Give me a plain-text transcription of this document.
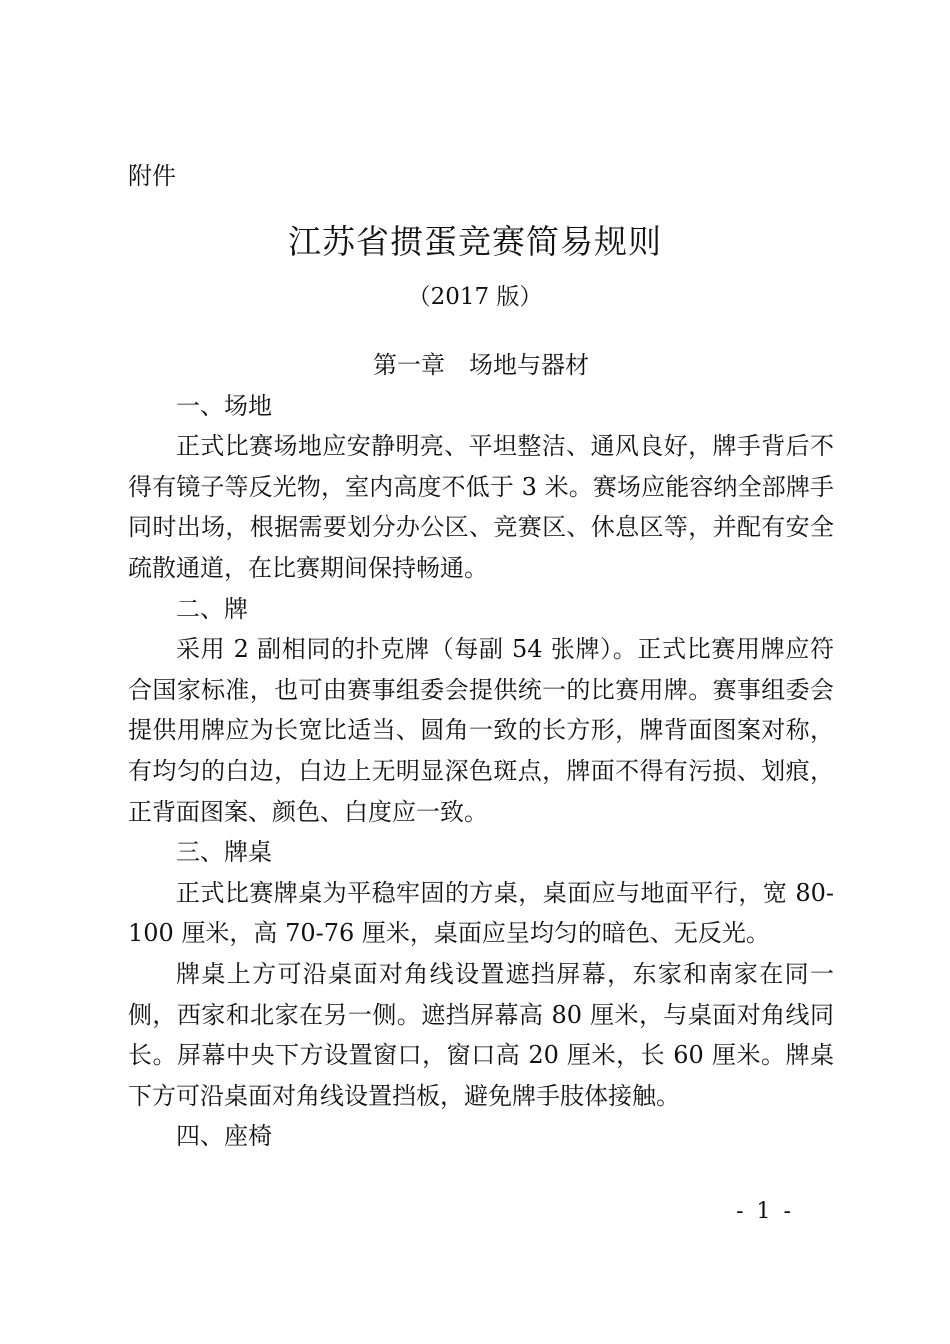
附件
江苏省掼蛋竞赛简易规则
（2017 版）

第一章 场地与器材

一、场地

正式比赛场地应安静明亮、平坦整洁、通风良好，牌手背后不得有镜子等反光物，室内高度不低于 3 米。赛场应能容纳全部牌手同时出场，根据需要划分办公区、竞赛区、休息区等，并配有安全疏散通道，在比赛期间保持畅通。

二、牌

采用 2 副相同的扑克牌（每副 54 张牌）。正式比赛用牌应符合国家标准，也可由赛事组委会提供统一的比赛用牌。赛事组委会提供用牌应为长宽比适当、圆角一致的长方形，牌背面图案对称，有均匀的白边，白边上无明显深色斑点，牌面不得有污损、划痕，正背面图案、颜色、白度应一致。

三、牌桌

正式比赛牌桌为平稳牢固的方桌，桌面应与地面平行，宽 80-100 厘米，高 70-76 厘米，桌面应呈均匀的暗色、无反光。

牌桌上方可沿桌面对角线设置遮挡屏幕，东家和南家在同一侧，西家和北家在另一侧。遮挡屏幕高 80 厘米，与桌面对角线同长。屏幕中央下方设置窗口，窗口高 20 厘米，长 60 厘米。牌桌下方可沿桌面对角线设置挡板，避免牌手肢体接触。

四、座椅

- 1 -
